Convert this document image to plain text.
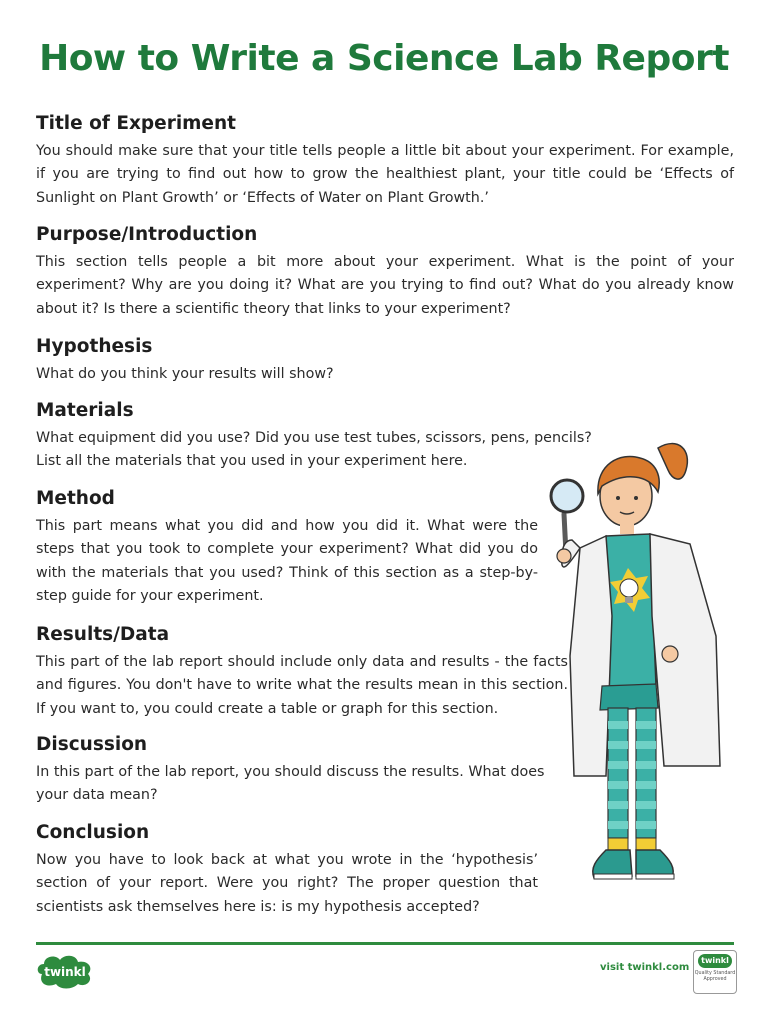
How to Write a Science Lab Report
Title of Experiment

You should make sure that your title tells people a little bit about your experiment. For example, if you are trying to find out how to grow the healthiest plant, your title could be ‘Effects of Sunlight on Plant Growth’ or ‘Effects of Water on Plant Growth.’

Purpose/Introduction

This section tells people a bit more about your experiment. What is the point of your experiment? Why are you doing it? What are you trying to find out? What do you already know about it? Is there a scientific theory that links to your experiment?

Hypothesis

What do you think your results will show?

Materials

What equipment did you use? Did you use test tubes, scissors, pens, pencils? List all the materials that you used in your experiment here.

Method

This part means what you did and how you did it. What were the steps that you took to complete your experiment? What did you do with the materials that you used? Think of this section as a step-by-step guide for your experiment.

Results/Data

This part of the lab report should include only data and results - the facts and figures. You don't have to write what the results mean in this section. If you want to, you could create a table or graph for this section.

Discussion

In this part of the lab report, you should discuss the results. What does your data mean?

Conclusion

Now you have to look back at what you wrote in the ‘hypothesis’ section of your report. Were you right? The proper question that scientists ask themselves here is: is my hypothesis accepted?

twinkl	visit twinkl.com
twinkl
Quality Standard Approved
